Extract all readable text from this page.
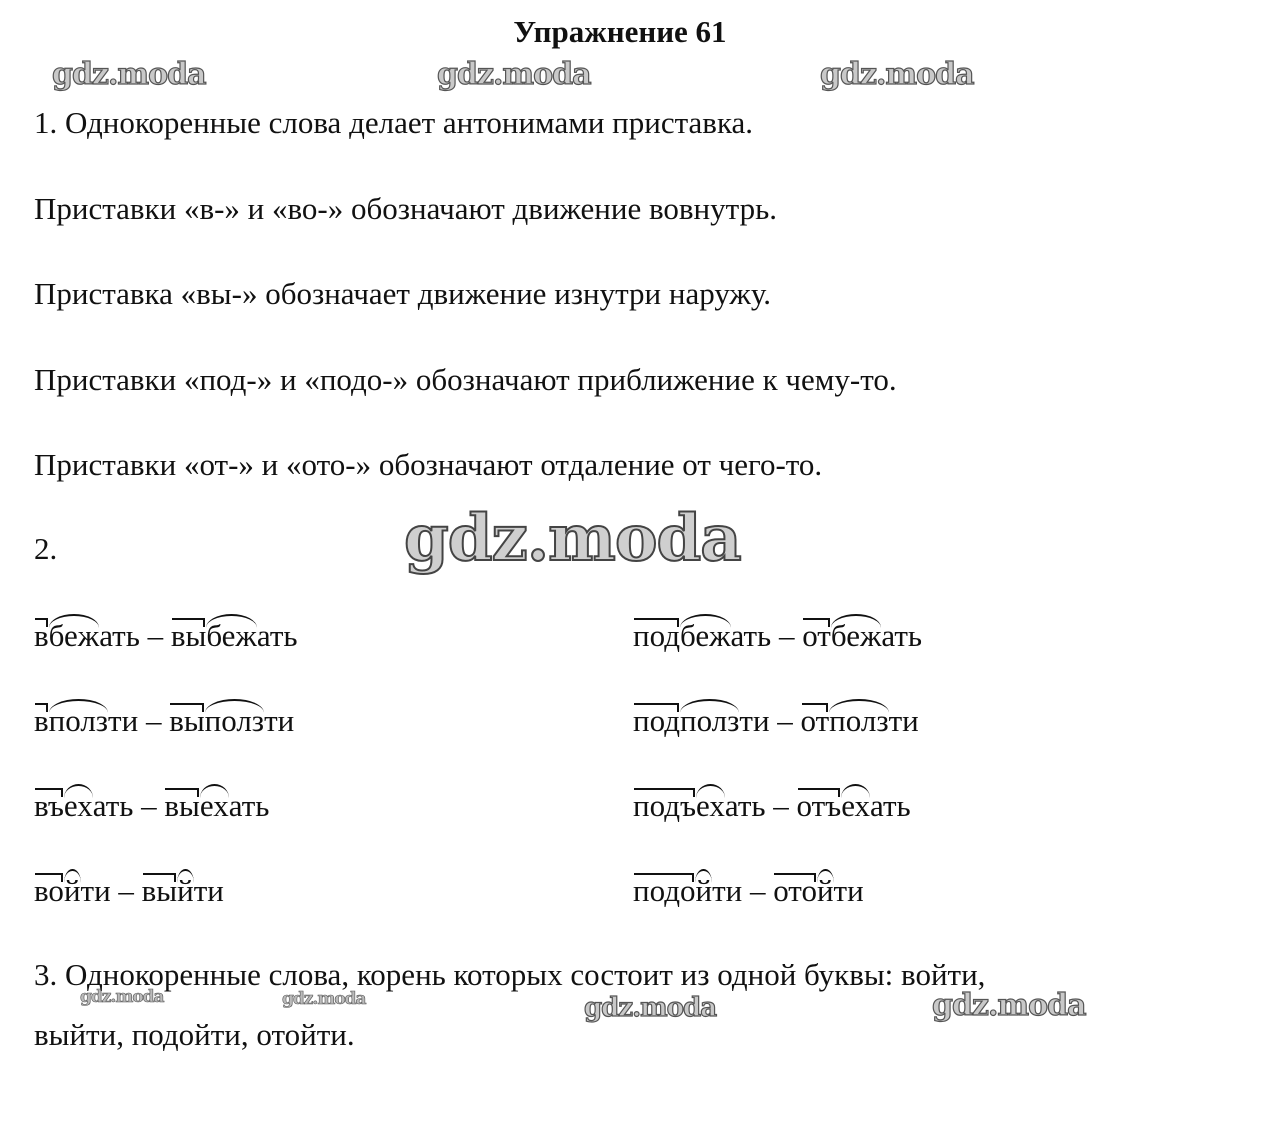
Упражнение 61
gdz.moda	gdz.moda	gdz.moda
gdz.moda
gdz.moda	gdz.moda	gdz.moda	gdz.moda
1. Однокоренные слова делает антонимами приставка.
Приставки «в-» и «во-» обозначают движение вовнутрь.
Приставка «вы-» обозначает движение изнутри наружу.
Приставки «под-» и «подо-» обозначают приближение к чему-то.
Приставки «от-» и «ото-» обозначают отдаление от чего-то.
2.
3. Однокоренные слова, корень которых состоит из одной буквы: войти,
выйти, подойти, отойти.
вбежать – выбежать	подбежать – отбежать
вползти – выползти	подползти – отползти
въехать – выехать	подъехать – отъехать
войти – выйти	подойти – отойти
